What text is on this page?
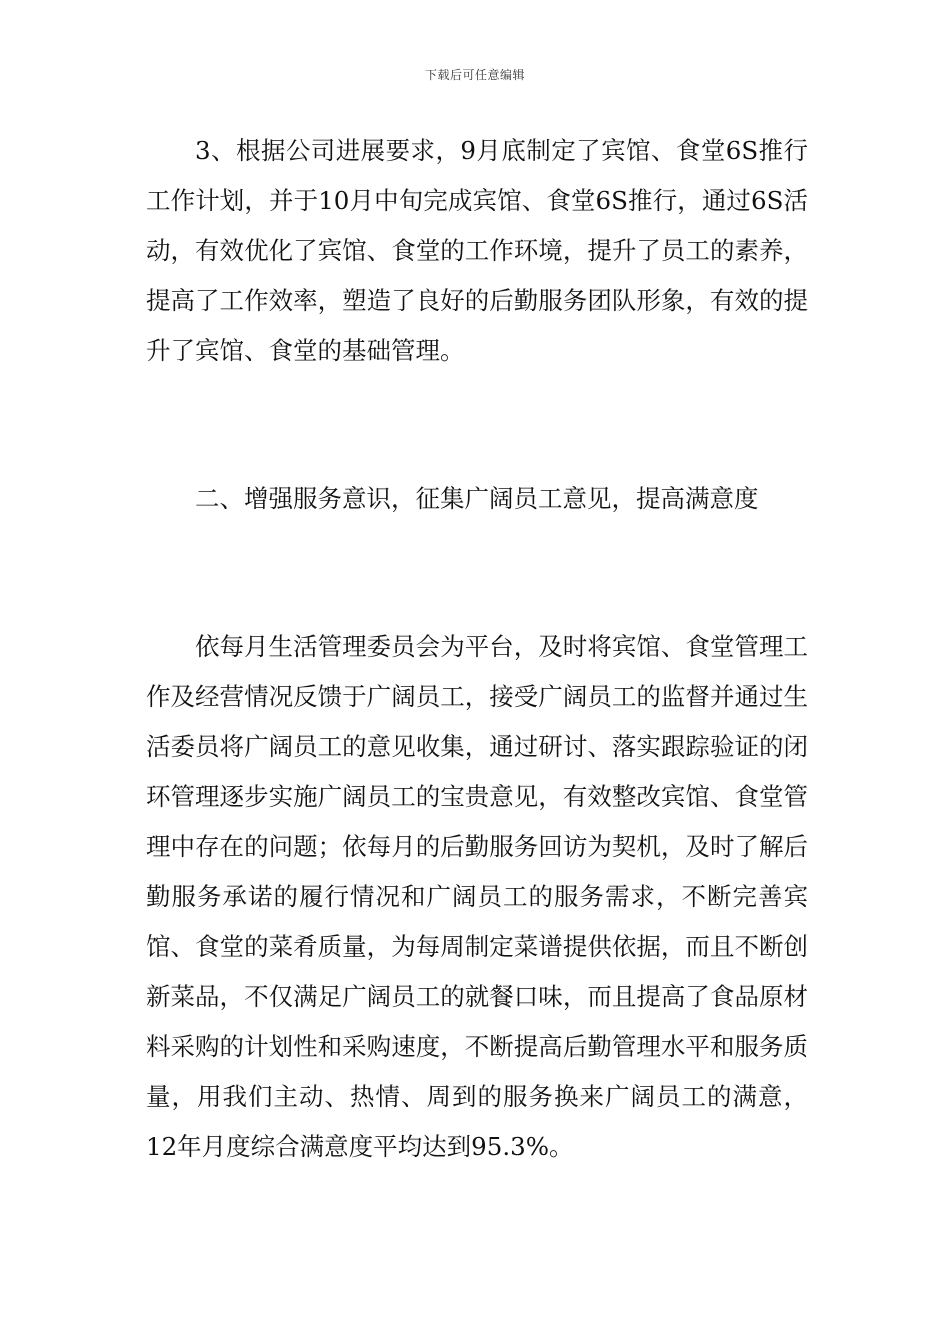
下载后可任意编辑

3、根据公司进展要求，9月底制定了宾馆、食堂6S推行工作计划，并于10月中旬完成宾馆、食堂6S推行，通过6S活动，有效优化了宾馆、食堂的工作环境，提升了员工的素养，提高了工作效率，塑造了良好的后勤服务团队形象，有效的提升了宾馆、食堂的基础管理。

二、增强服务意识，征集广阔员工意见，提高满意度

依每月生活管理委员会为平台，及时将宾馆、食堂管理工作及经营情况反馈于广阔员工，接受广阔员工的监督并通过生活委员将广阔员工的意见收集，通过研讨、落实跟踪验证的闭环管理逐步实施广阔员工的宝贵意见，有效整改宾馆、食堂管理中存在的问题；依每月的后勤服务回访为契机，及时了解后勤服务承诺的履行情况和广阔员工的服务需求，不断完善宾馆、食堂的菜肴质量，为每周制定菜谱提供依据，而且不断创新菜品，不仅满足广阔员工的就餐口味，而且提高了食品原材料采购的计划性和采购速度，不断提高后勤管理水平和服务质量，用我们主动、热情、周到的服务换来广阔员工的满意，12年月度综合满意度平均达到95.3%。
